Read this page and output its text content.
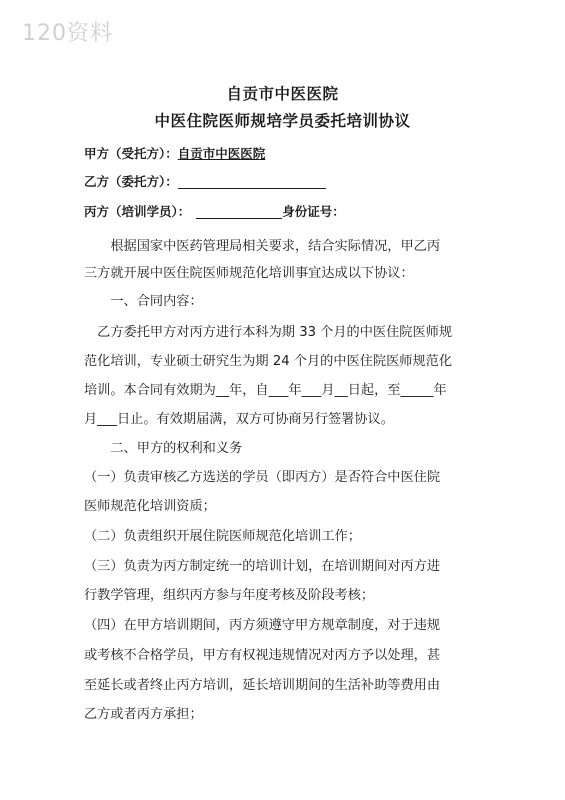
120资料
自贡市中医医院
中医住院医师规培学员委托培训协议
甲方（受托方）：自贡市中医医院
乙方（委托方）：
丙方（培训学员）：	身份证号：
　　根据国家中医药管理局相关要求，结合实际情况，甲乙丙
三方就开展中医住院医师规范化培训事宜达成以下协议：
　　一、合同内容：
　乙方委托甲方对丙方进行本科为期 33 个月的中医住院医师规
范化培训，专业硕士研究生为期 24 个月的中医住院医师规范化
培训。本合同有效期为__年，自___年___月__日起，至_____年
月___日止。有效期届满，双方可协商另行签署协议。
　　二、甲方的权利和义务
（一）负责审核乙方选送的学员（即丙方）是否符合中医住院
医师规范化培训资质；
（二）负责组织开展住院医师规范化培训工作；
（三）负责为丙方制定统一的培训计划，在培训期间对丙方进
行教学管理，组织丙方参与年度考核及阶段考核；
（四）在甲方培训期间，丙方须遵守甲方规章制度，对于违规
或考核不合格学员，甲方有权视违规情况对丙方予以处理，甚
至延长或者终止丙方培训，延长培训期间的生活补助等费用由
乙方或者丙方承担；
